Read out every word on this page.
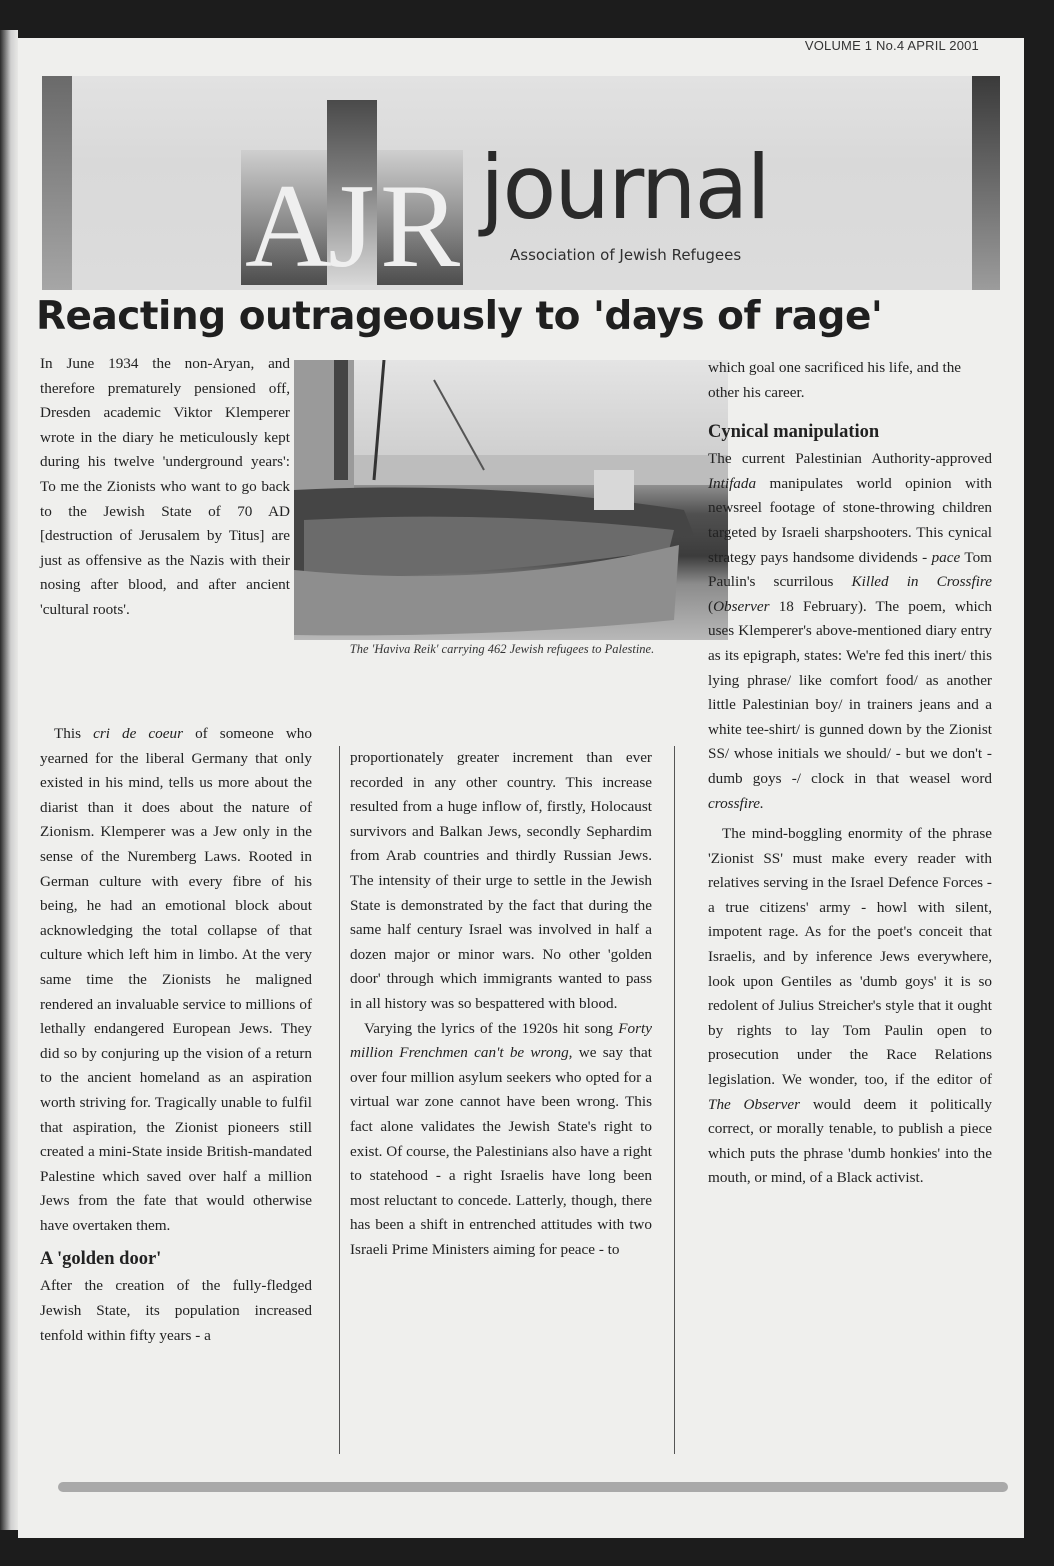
VOLUME 1 No.4 APRIL 2001
A
J R journal
Association of Jewish Refugees
Reacting outrageously to 'days of rage'

In June 1934 the non-Aryan, and therefore prematurely pensioned off, Dresden academic Viktor Klemperer wrote in the diary he meticulously kept during his twelve 'underground years': To me the Zionists who want to go back to the Jewish State of 70 AD [destruction of Jerusalem by Titus] are just as offensive as the Nazis with their nosing after blood, and after ancient 'cultural roots'.

This cri de coeur of someone who yearned for the liberal Germany that only existed in his mind, tells us more about the diarist than it does about the nature of Zionism. Klemperer was a Jew only in the sense of the Nuremberg Laws. Rooted in German culture with every fibre of his being, he had an emotional block about acknowledging the total collapse of that culture which left him in limbo. At the very same time the Zionists he maligned rendered an invaluable service to millions of lethally endangered European Jews. They did so by conjuring up the vision of a return to the ancient homeland as an aspiration worth striving for. Tragically unable to fulfil that aspiration, the Zionist pioneers still created a mini-State inside British-mandated Palestine which saved over half a million Jews from the fate that would otherwise have overtaken them.

A 'golden door'

After the creation of the fully-fledged Jewish State, its population increased tenfold within fifty years - a

The 'Haviva Reik' carrying 462 Jewish refugees to Palestine.

proportionately greater increment than ever recorded in any other country. This increase resulted from a huge inflow of, firstly, Holocaust survivors and Balkan Jews, secondly Sephardim from Arab countries and thirdly Russian Jews. The intensity of their urge to settle in the Jewish State is demonstrated by the fact that during the same half century Israel was involved in half a dozen major or minor wars. No other 'golden door' through which immigrants wanted to pass in all history was so bespattered with blood.

Varying the lyrics of the 1920s hit song Forty million Frenchmen can't be wrong, we say that over four million asylum seekers who opted for a virtual war zone cannot have been wrong. This fact alone validates the Jewish State's right to exist. Of course, the Palestinians also have a right to statehood - a right Israelis have long been most reluctant to concede. Latterly, though, there has been a shift in entrenched attitudes with two Israeli Prime Ministers aiming for peace - to

which goal one sacrificed his life, and the other his career.

Cynical manipulation

The current Palestinian Authority-approved Intifada manipulates world opinion with newsreel footage of stone-throwing children targeted by Israeli sharpshooters. This cynical strategy pays handsome dividends - pace Tom Paulin's scurrilous Killed in Crossfire (Observer 18 February). The poem, which uses Klemperer's above-mentioned diary entry as its epigraph, states: We're fed this inert/ this lying phrase/ like comfort food/ as another little Palestinian boy/ in trainers jeans and a white tee-shirt/ is gunned down by the Zionist SS/ whose initials we should/ - but we don't - dumb goys -/ clock in that weasel word crossfire.

The mind-boggling enormity of the phrase 'Zionist SS' must make every reader with relatives serving in the Israel Defence Forces - a true citizens' army - howl with silent, impotent rage. As for the poet's conceit that Israelis, and by inference Jews everywhere, look upon Gentiles as 'dumb goys' it is so redolent of Julius Streicher's style that it ought by rights to lay Tom Paulin open to prosecution under the Race Relations legislation. We wonder, too, if the editor of The Observer would deem it politically correct, or morally tenable, to publish a piece which puts the phrase 'dumb honkies' into the mouth, or mind, of a Black activist.
